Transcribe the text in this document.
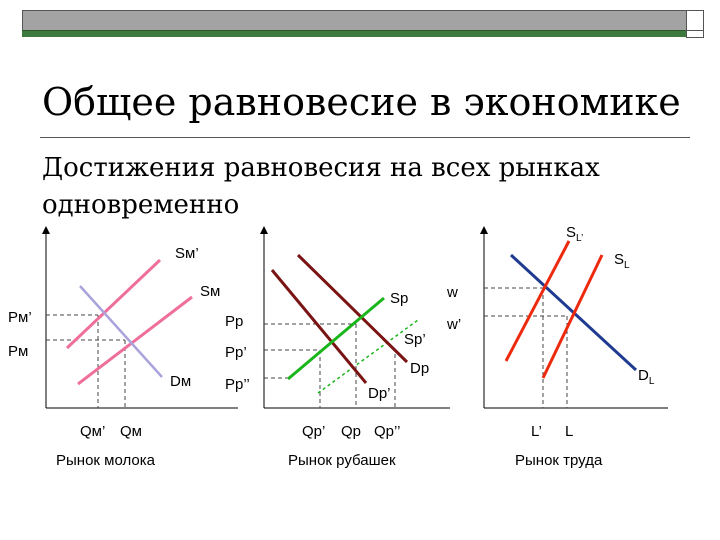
Общее равновесие в экономике

Достижения равновесия на всех рынках одновременно

Sм’
Sм
Dм
Pм’
Pм
Qм’ Qм
Sp
Sp’
Dp
Dp’
Pp
Pp’
Pp’’
Qp’ Qp Qp’’
$S_{L’}$
$S_L$
$D_L$
w
w’
L’ L
Рынок молока	Рынок рубашек	Рынок труда
